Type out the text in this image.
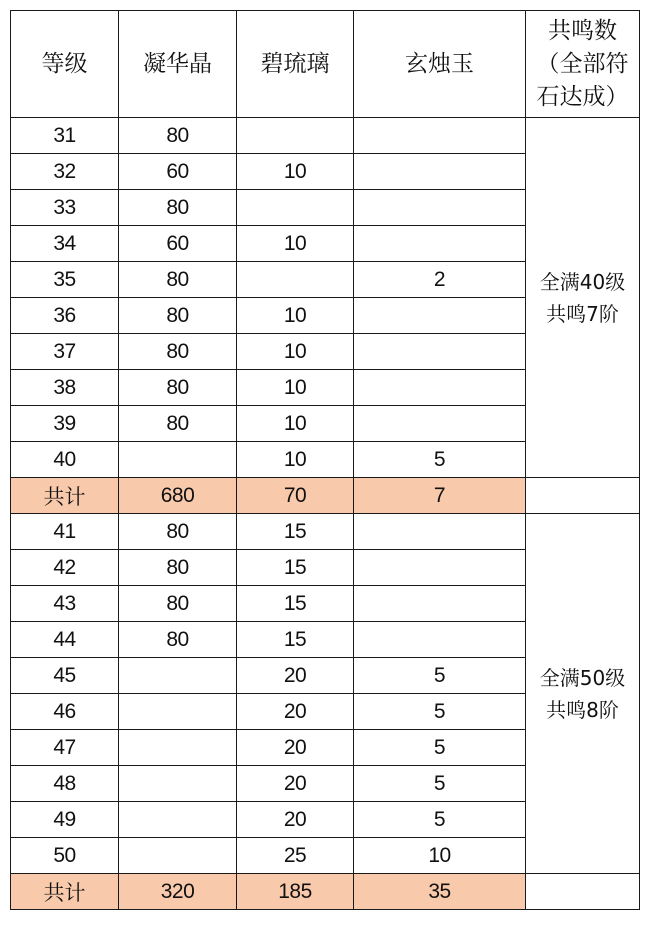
等级	凝华晶	碧琉璃	玄烛玉	共鸣数
（全部符
石达成）

31	80			全满40级
共鸣7阶

32	60	10		
33	80			
34	60	10		
35	80		2	
36	80	10		
37	80	10		
38	80	10		
39	80	10		
40		10	5	
共计	680	70	7	
41	80	15		全满50级
共鸣8阶

42	80	15		
43	80	15		
44	80	15		
45		20	5	
46		20	5	
47		20	5	
48		20	5	
49		20	5	
50		25	10	
共计	320	185	35	
